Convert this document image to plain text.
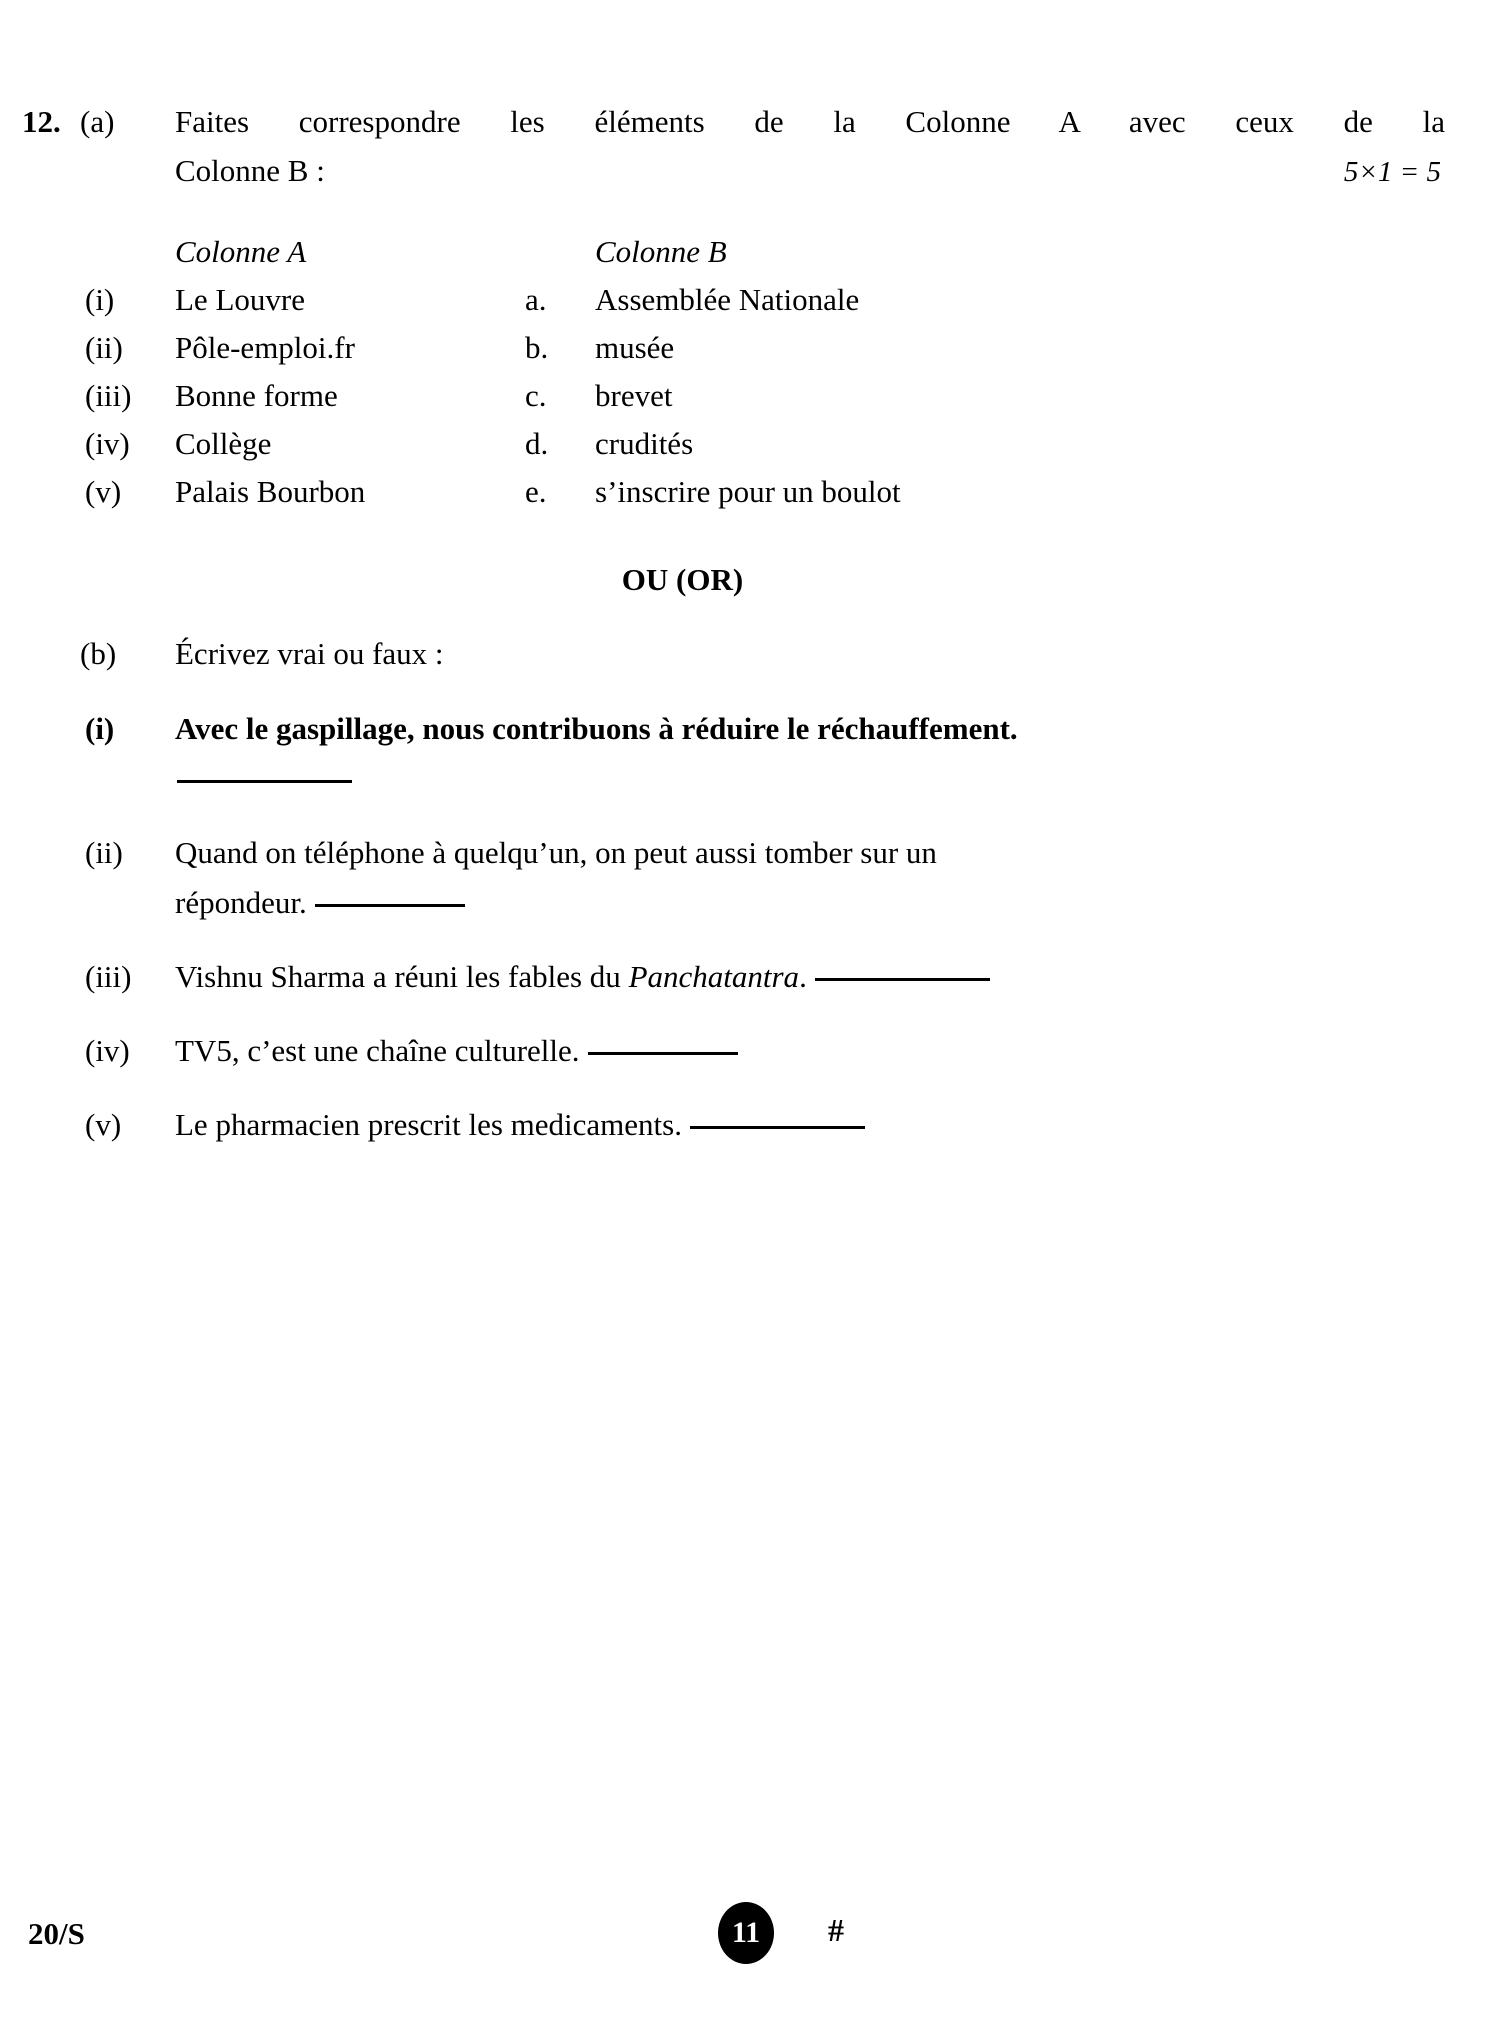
12. (a)	Faites correspondre les éléments de la Colonne A avec ceux de la
Colonne B :	5×1 = 5
Colonne A	Colonne B
(i)	Le Louvre	a.	Assemblée Nationale
(ii)	Pôle-emploi.fr	b.	musée
(iii)	Bonne forme	c.	brevet
(iv)	Collège	d.	crudités
(v)	Palais Bourbon	e.	s’inscrire pour un boulot
OU (OR)
(b)	Écrivez vrai ou faux :
(i)	Avec le gaspillage, nous contribuons à réduire le réchauffement.
(ii)	Quand on téléphone à quelqu’un, on peut aussi tomber sur un
répondeur.
(iii)	Vishnu Sharma a réuni les fables du Panchatantra.
(iv)	TV5, c’est une chaîne culturelle.
(v)	Le pharmacien prescrit les medicaments.
20/S	11	#
